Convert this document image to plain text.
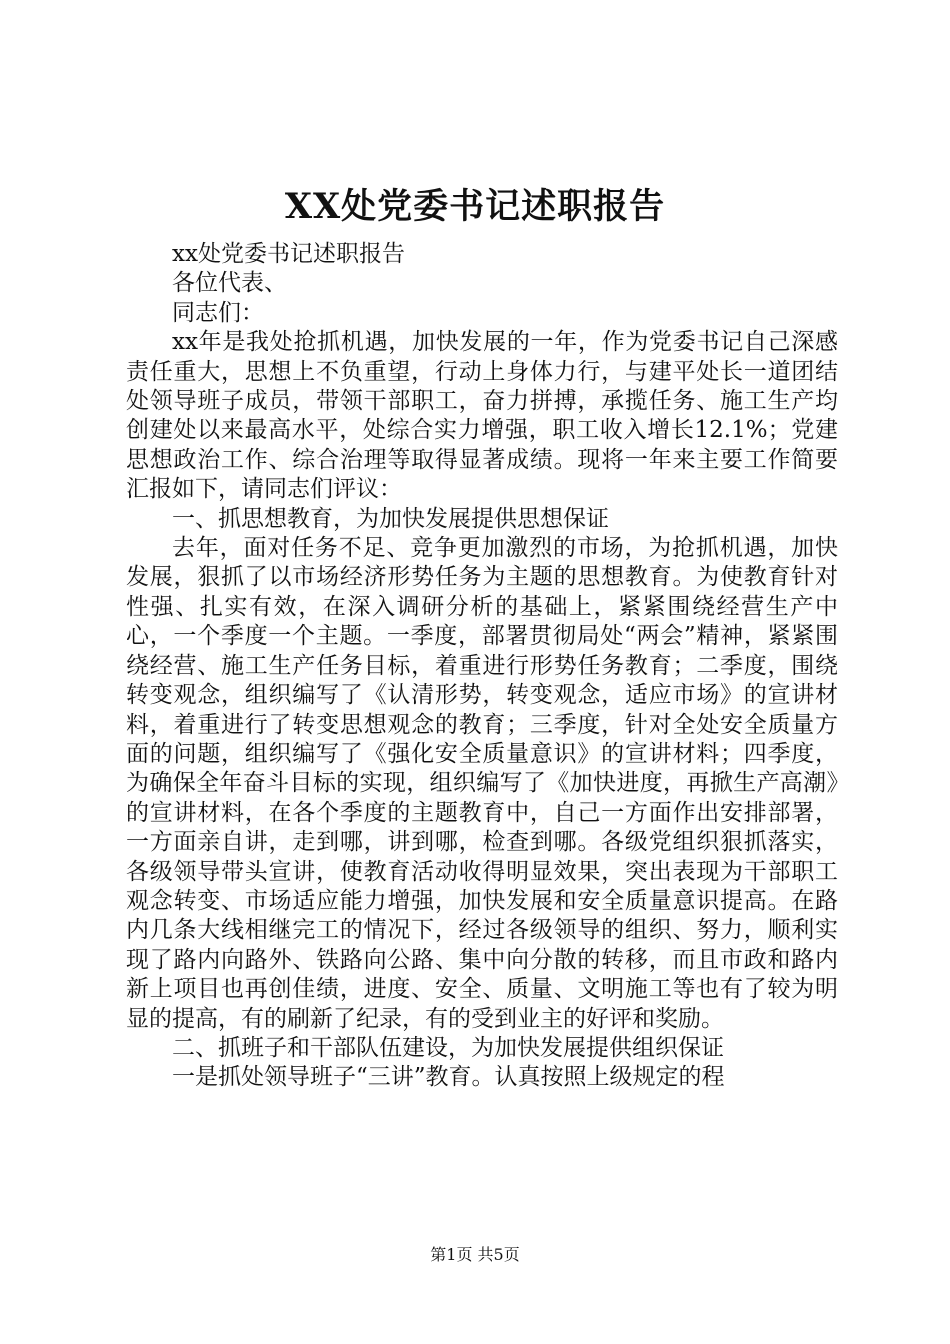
XX处党委书记述职报告

xx处党委书记述职报告

各位代表、

同志们：

xx年是我处抢抓机遇，加快发展的一年，作为党委书记自己深感责任重大，思想上不负重望，行动上身体力行，与建平处长一道团结处领导班子成员，带领干部职工，奋力拼搏，承揽任务、施工生产均创建处以来最高水平，处综合实力增强，职工收入增长12.1%；党建思想政治工作、综合治理等取得显著成绩。现将一年来主要工作简要汇报如下，请同志们评议：

一、抓思想教育，为加快发展提供思想保证

去年，面对任务不足、竞争更加激烈的市场，为抢抓机遇，加快发展，狠抓了以市场经济形势任务为主题的思想教育。为使教育针对性强、扎实有效，在深入调研分析的基础上，紧紧围绕经营生产中心，一个季度一个主题。一季度，部署贯彻局处“两会”精神，紧紧围绕经营、施工生产任务目标，着重进行形势任务教育；二季度，围绕转变观念，组织编写了《认清形势，转变观念，适应市场》的宣讲材料，着重进行了转变思想观念的教育；三季度，针对全处安全质量方面的问题，组织编写了《强化安全质量意识》的宣讲材料；四季度，为确保全年奋斗目标的实现，组织编写了《加快进度，再掀生产高潮》的宣讲材料，在各个季度的主题教育中，自己一方面作出安排部署，一方面亲自讲，走到哪，讲到哪，检查到哪。各级党组织狠抓落实，各级领导带头宣讲，使教育活动收得明显效果，突出表现为干部职工观念转变、市场适应能力增强，加快发展和安全质量意识提高。在路内几条大线相继完工的情况下，经过各级领导的组织、努力，顺利实现了路内向路外、铁路向公路、集中向分散的转移，而且市政和路内新上项目也再创佳绩，进度、安全、质量、文明施工等也有了较为明显的提高，有的刷新了纪录，有的受到业主的好评和奖励。

二、抓班子和干部队伍建设，为加快发展提供组织保证

一是抓处领导班子“三讲”教育。认真按照上级规定的程

第1页 共5页
